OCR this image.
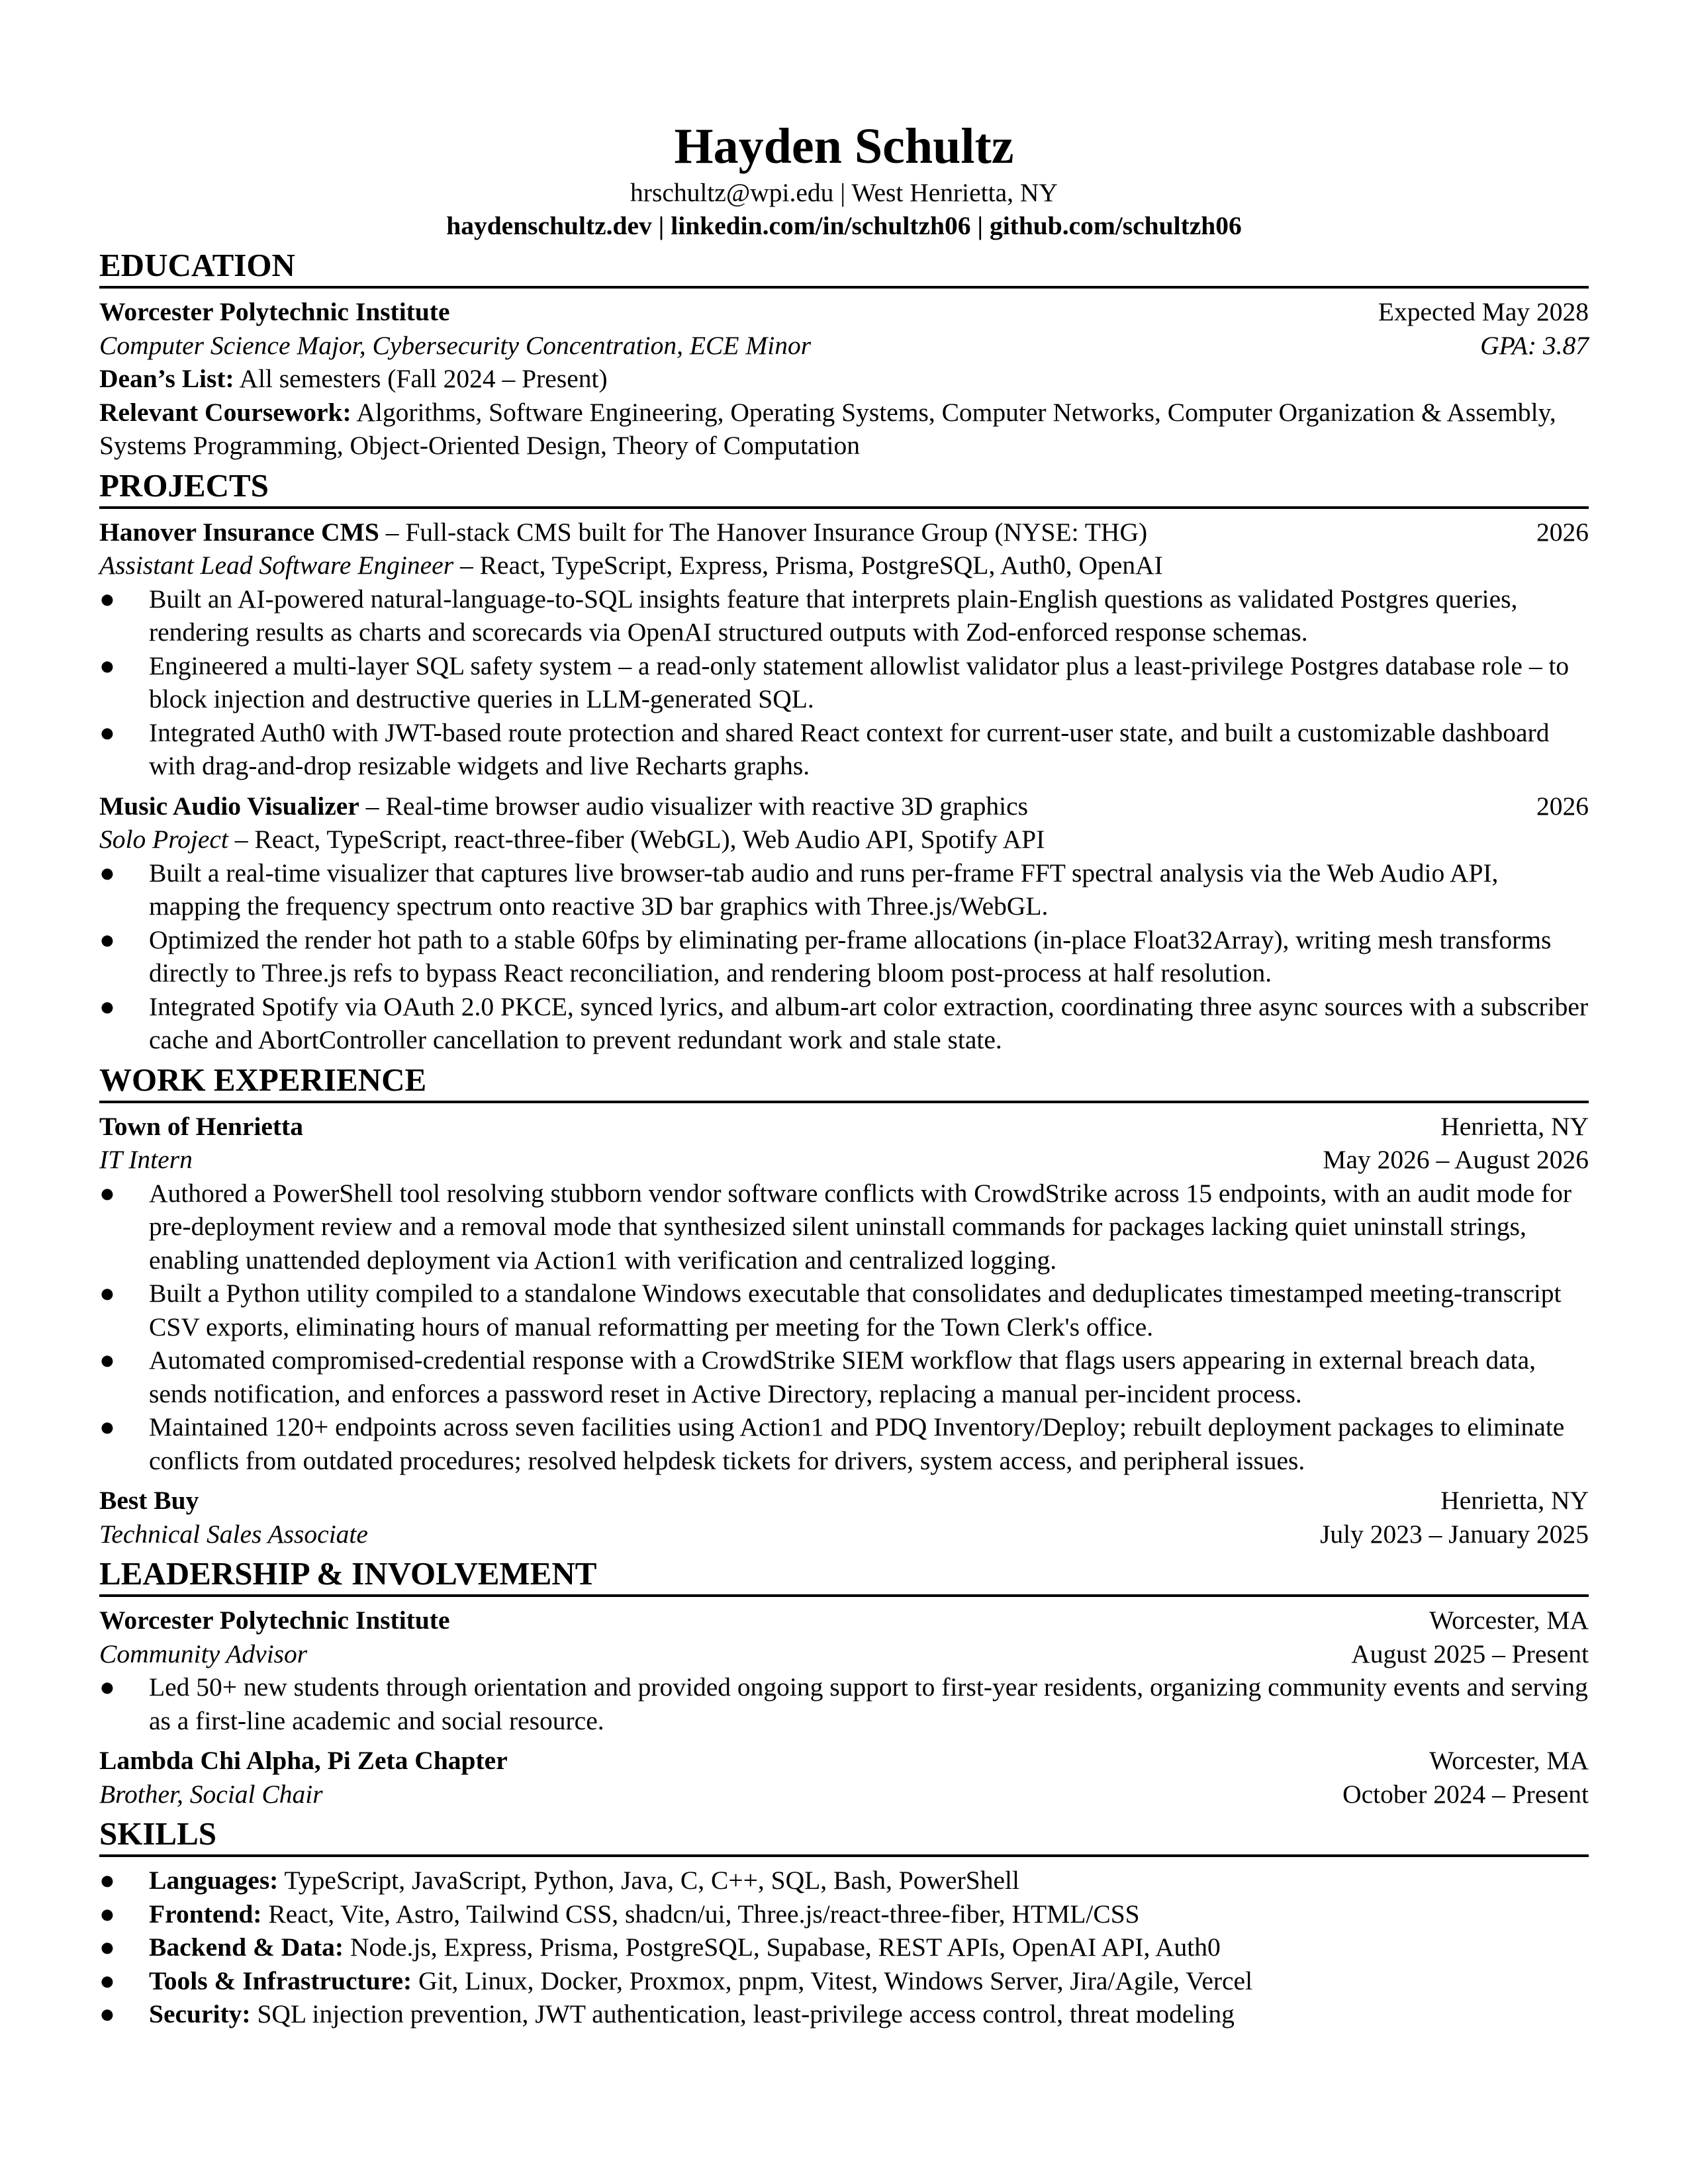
Hayden Schultz
hrschultz@wpi.edu | West Henrietta, NY
haydenschultz.dev | linkedin.com/in/schultzh06 | github.com/schultzh06
EDUCATION
Worcester Polytechnic Institute	Expected May 2028
Computer Science Major, Cybersecurity Concentration, ECE Minor	GPA: 3.87
Dean’s List: All semesters (Fall 2024 – Present)
Relevant Coursework: Algorithms, Software Engineering, Operating Systems, Computer Networks, Computer Organization & Assembly, Systems Programming, Object-Oriented Design, Theory of Computation
PROJECTS
Hanover Insurance CMS – Full-stack CMS built for The Hanover Insurance Group (NYSE: THG)	2026
Assistant Lead Software Engineer – React, TypeScript, Express, Prisma, PostgreSQL, Auth0, OpenAI
●	Built an AI-powered natural-language-to-SQL insights feature that interprets plain-English questions as validated Postgres queries, rendering results as charts and scorecards via OpenAI structured outputs with Zod-enforced response schemas.
●	Engineered a multi-layer SQL safety system – a read-only statement allowlist validator plus a least-privilege Postgres database role – to block injection and destructive queries in LLM-generated SQL.
●	Integrated Auth0 with JWT-based route protection and shared React context for current-user state, and built a customizable dashboard with drag-and-drop resizable widgets and live Recharts graphs.
Music Audio Visualizer – Real-time browser audio visualizer with reactive 3D graphics	2026
Solo Project – React, TypeScript, react-three-fiber (WebGL), Web Audio API, Spotify API
●	Built a real-time visualizer that captures live browser-tab audio and runs per-frame FFT spectral analysis via the Web Audio API, mapping the frequency spectrum onto reactive 3D bar graphics with Three.js/WebGL.
●	Optimized the render hot path to a stable 60fps by eliminating per-frame allocations (in-place Float32Array), writing mesh transforms directly to Three.js refs to bypass React reconciliation, and rendering bloom post-process at half resolution.
●	Integrated Spotify via OAuth 2.0 PKCE, synced lyrics, and album-art color extraction, coordinating three async sources with a subscriber cache and AbortController cancellation to prevent redundant work and stale state.
WORK EXPERIENCE
Town of Henrietta	Henrietta, NY
IT Intern	May 2026 – August 2026
●	Authored a PowerShell tool resolving stubborn vendor software conflicts with CrowdStrike across 15 endpoints, with an audit mode for pre-deployment review and a removal mode that synthesized silent uninstall commands for packages lacking quiet uninstall strings, enabling unattended deployment via Action1 with verification and centralized logging.
●	Built a Python utility compiled to a standalone Windows executable that consolidates and deduplicates timestamped meeting-transcript CSV exports, eliminating hours of manual reformatting per meeting for the Town Clerk's office.
●	Automated compromised-credential response with a CrowdStrike SIEM workflow that flags users appearing in external breach data, sends notification, and enforces a password reset in Active Directory, replacing a manual per-incident process.
●	Maintained 120+ endpoints across seven facilities using Action1 and PDQ Inventory/Deploy; rebuilt deployment packages to eliminate conflicts from outdated procedures; resolved helpdesk tickets for drivers, system access, and peripheral issues.
Best Buy	Henrietta, NY
Technical Sales Associate	July 2023 – January 2025
LEADERSHIP & INVOLVEMENT
Worcester Polytechnic Institute	Worcester, MA
Community Advisor	August 2025 – Present
●	Led 50+ new students through orientation and provided ongoing support to first-year residents, organizing community events and serving as a first-line academic and social resource.
Lambda Chi Alpha, Pi Zeta Chapter	Worcester, MA
Brother, Social Chair	October 2024 – Present
SKILLS
●	Languages: TypeScript, JavaScript, Python, Java, C, C++, SQL, Bash, PowerShell
●	Frontend: React, Vite, Astro, Tailwind CSS, shadcn/ui, Three.js/react-three-fiber, HTML/CSS
●	Backend & Data: Node.js, Express, Prisma, PostgreSQL, Supabase, REST APIs, OpenAI API, Auth0
●	Tools & Infrastructure: Git, Linux, Docker, Proxmox, pnpm, Vitest, Windows Server, Jira/Agile, Vercel
●	Security: SQL injection prevention, JWT authentication, least-privilege access control, threat modeling
